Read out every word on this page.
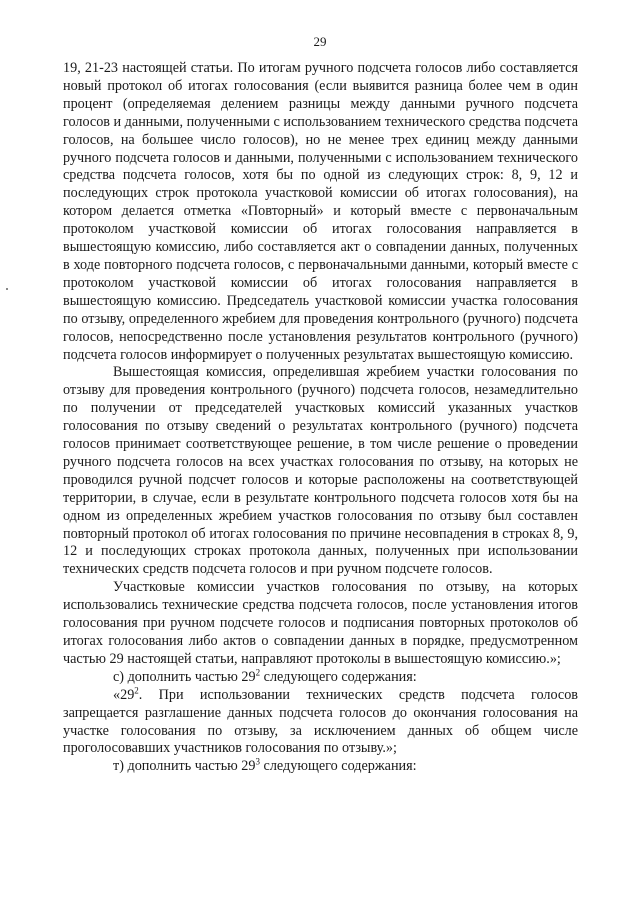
29

19, 21-23 настоящей статьи. По итогам ручного подсчета голосов либо составляется новый протокол об итогах голосования (если выявится разница более чем в один процент (определяемая делением разницы между данными ручного подсчета голосов и данными, полученными с использованием технического средства подсчета голосов, на большее число голосов), но не менее трех единиц между данными ручного подсчета голосов и данными, полученными с использованием технического средства подсчета голосов, хотя бы по одной из следующих строк: 8, 9, 12 и последующих строк протокола участковой комиссии об итогах голосования), на котором делается отметка «Повторный» и который вместе с первоначальным протоколом участковой комиссии об итогах голосования направляется в вышестоящую комиссию, либо составляется акт о совпадении данных, полученных в ходе повторного подсчета голосов, с первоначальными данными, который вместе с протоколом участковой комиссии об итогах голосования направляется в вышестоящую комиссию. Председатель участковой комиссии участка голосования по отзыву, определенного жребием для проведения контрольного (ручного) подсчета голосов, непосредственно после установления результатов контрольного (ручного) подсчета голосов информирует о полученных результатах вышестоящую комиссию.

Вышестоящая комиссия, определившая жребием участки голосования по отзыву для проведения контрольного (ручного) подсчета голосов, незамедлительно по получении от председателей участковых комиссий указанных участков голосования по отзыву сведений о результатах контрольного (ручного) подсчета голосов принимает соответствующее решение, в том числе решение о проведении ручного подсчета голосов на всех участках голосования по отзыву, на которых не проводился ручной подсчет голосов и которые расположены на соответствующей территории, в случае, если в результате контрольного подсчета голосов хотя бы на одном из определенных жребием участков голосования по отзыву был составлен повторный протокол об итогах голосования по причине несовпадения в строках 8, 9, 12 и последующих строках протокола данных, полученных при использовании технических средств подсчета голосов и при ручном подсчете голосов.

Участковые комиссии участков голосования по отзыву, на которых использовались технические средства подсчета голосов, после установления итогов голосования при ручном подсчете голосов и подписания повторных протоколов об итогах голосования либо актов о совпадении данных в порядке, предусмотренном частью 29 настоящей статьи, направляют протоколы в вышестоящую комиссию.»;

с) дополнить частью $29^2$ следующего содержания:

«$29^2$. При использовании технических средств подсчета голосов запрещается разглашение данных подсчета голосов до окончания голосования на участке голосования по отзыву, за исключением данных об общем числе проголосовавших участников голосования по отзыву.»;

т) дополнить частью $29^3$ следующего содержания:
